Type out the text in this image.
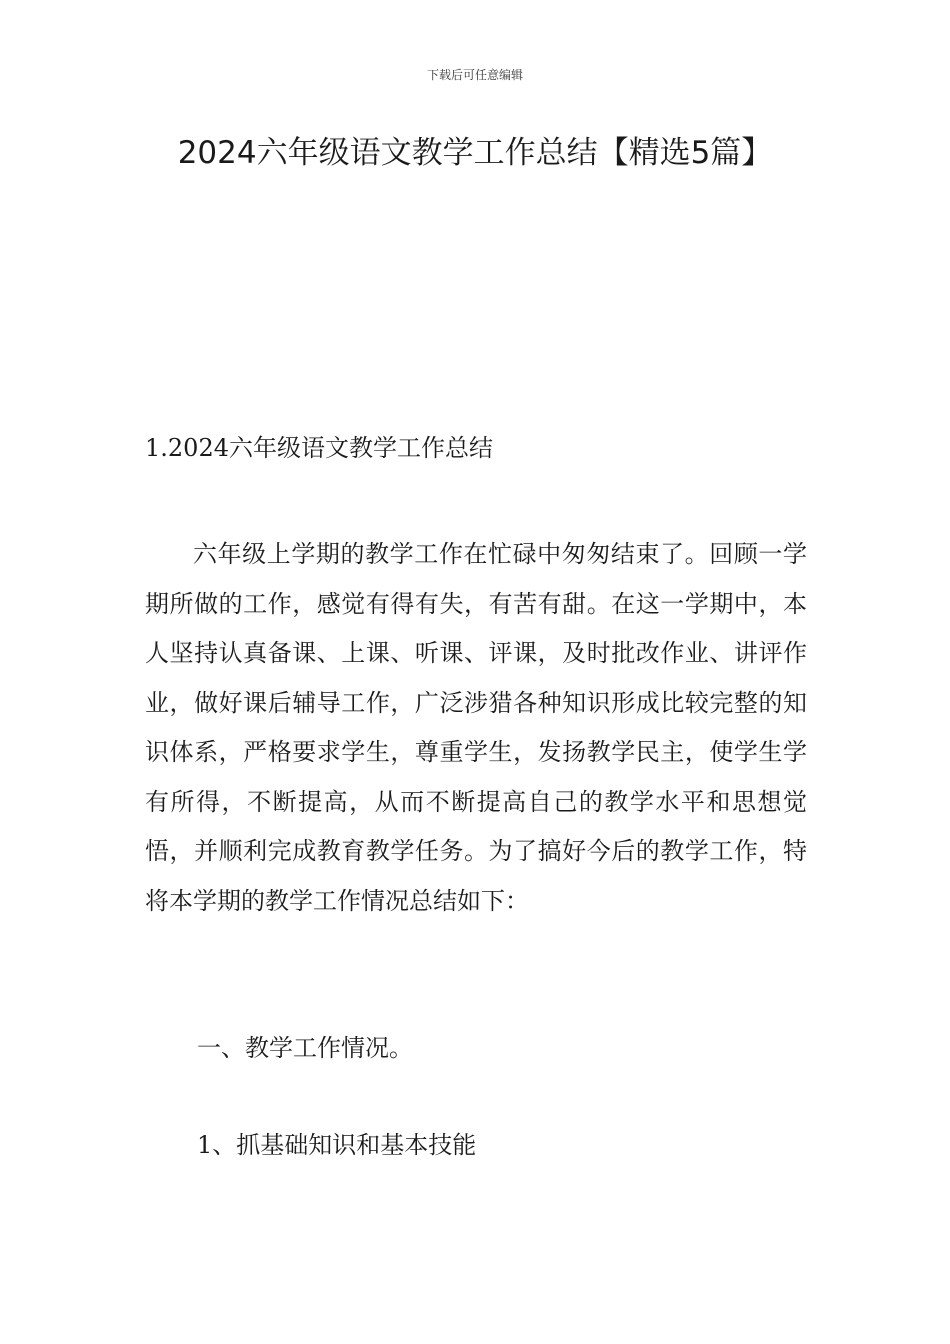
下载后可任意编辑
2024六年级语文教学工作总结【精选5篇】
1.2024六年级语文教学工作总结

六年级上学期的教学工作在忙碌中匆匆结束了。回顾一学期所做的工作，感觉有得有失，有苦有甜。在这一学期中，本人坚持认真备课、上课、听课、评课，及时批改作业、讲评作业，做好课后辅导工作，广泛涉猎各种知识形成比较完整的知识体系，严格要求学生，尊重学生，发扬教学民主，使学生学有所得，不断提高，从而不断提高自己的教学水平和思想觉悟，并顺利完成教育教学任务。为了搞好今后的教学工作，特将本学期的教学工作情况总结如下：

一、教学工作情况。
1、抓基础知识和基本技能
